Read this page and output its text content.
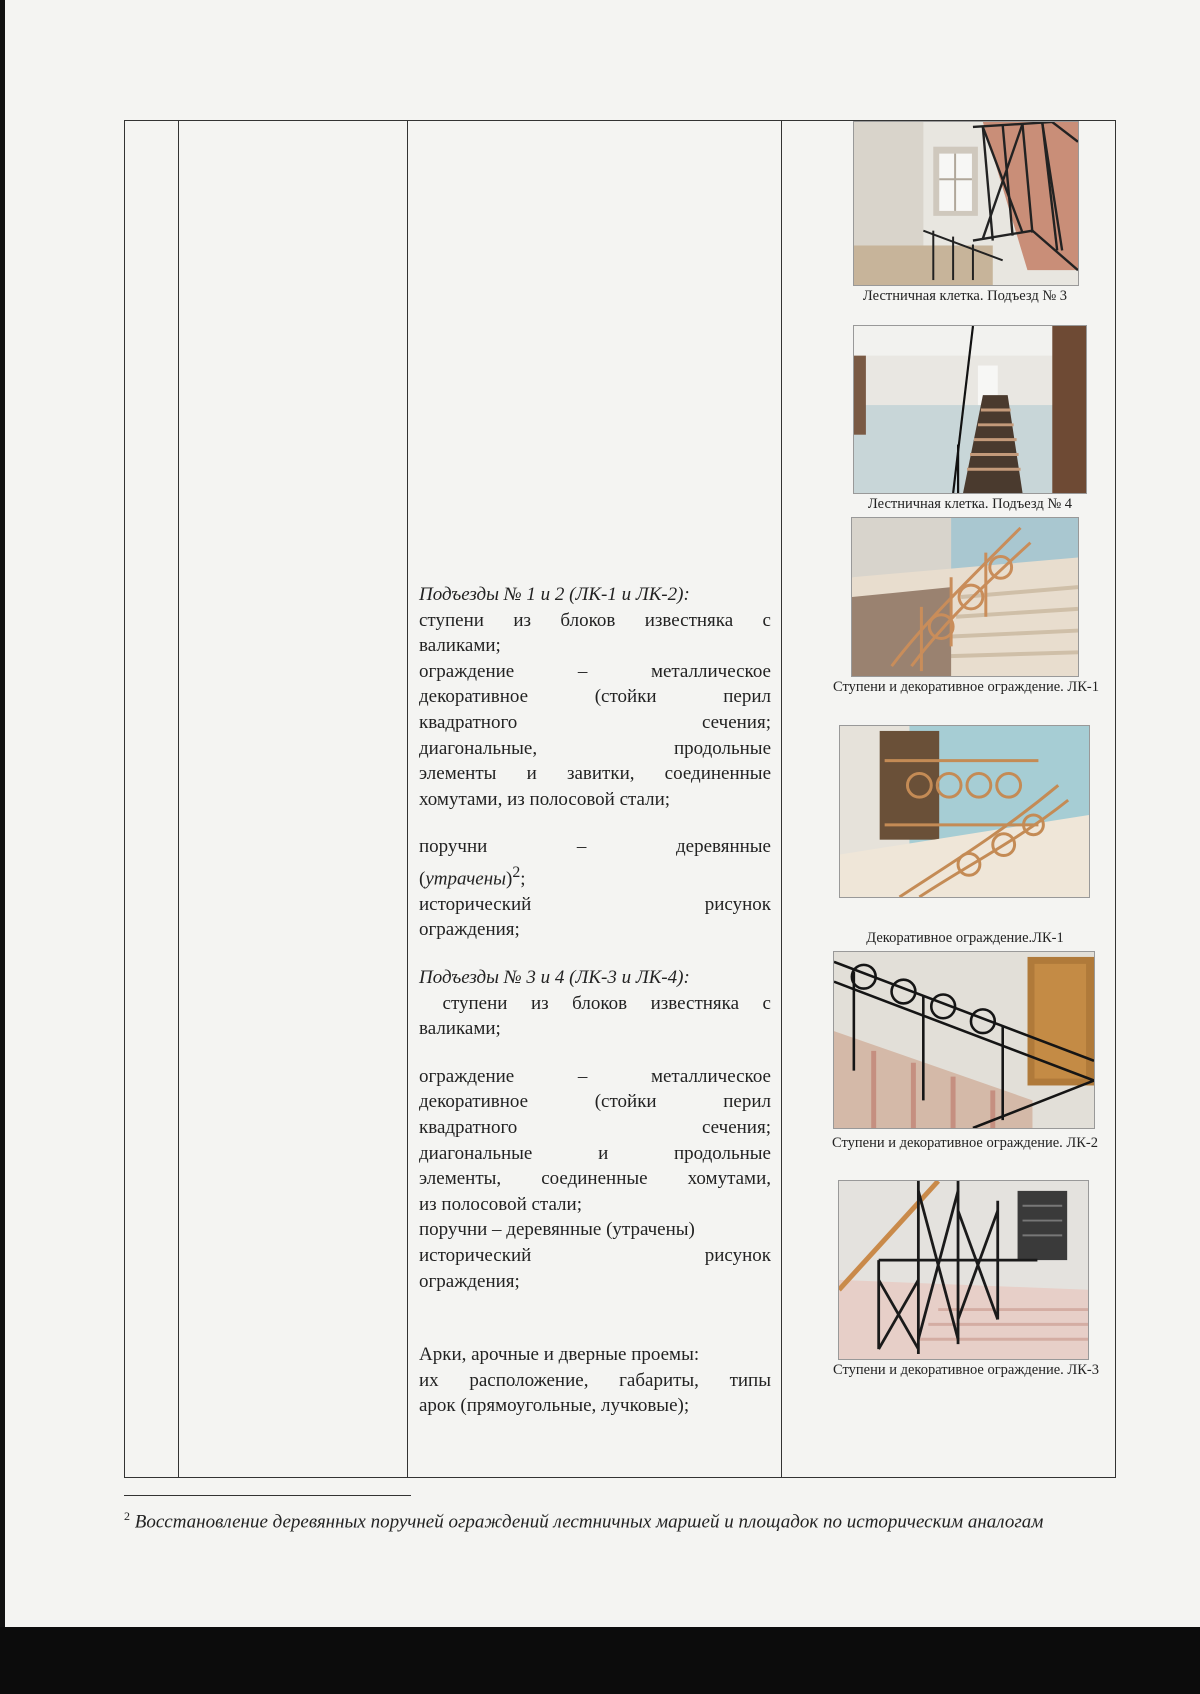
Подъезды № 1 и 2 (ЛК-1 и ЛК-2):

ступени из блоков известняка с

валиками;

ограждение – металлическое

декоративное (стойки перил

квадратного сечения;

диагональные, продольные

элементы и завитки, соединенные

хомутами, из полосовой стали;

поручни – деревянные

(утрачены)$^2$;

исторический рисунок

ограждения;

Подъезды № 3 и 4 (ЛК-3 и ЛК-4):

ступени из блоков известняка с

валиками;

ограждение – металлическое

декоративное (стойки перил

квадратного сечения;

диагональные и продольные

элементы, соединенные хомутами,

из полосовой стали;

поручни – деревянные (утрачены)

исторический рисунок

ограждения;

Арки, арочные и дверные проемы:

их расположение, габариты, типы

арок (прямоугольные, лучковые);

Лестничная клетка. Подъезд № 3
Лестничная клетка. Подъезд № 4
Ступени и декоративное ограждение. ЛК-1
Декоративное ограждение.ЛК-1
Ступени и декоративное ограждение. ЛК-2
Ступени и декоративное ограждение. ЛК-3
$^2$ Восстановление деревянных поручней ограждений лестничных маршей и площадок по историческим аналогам
